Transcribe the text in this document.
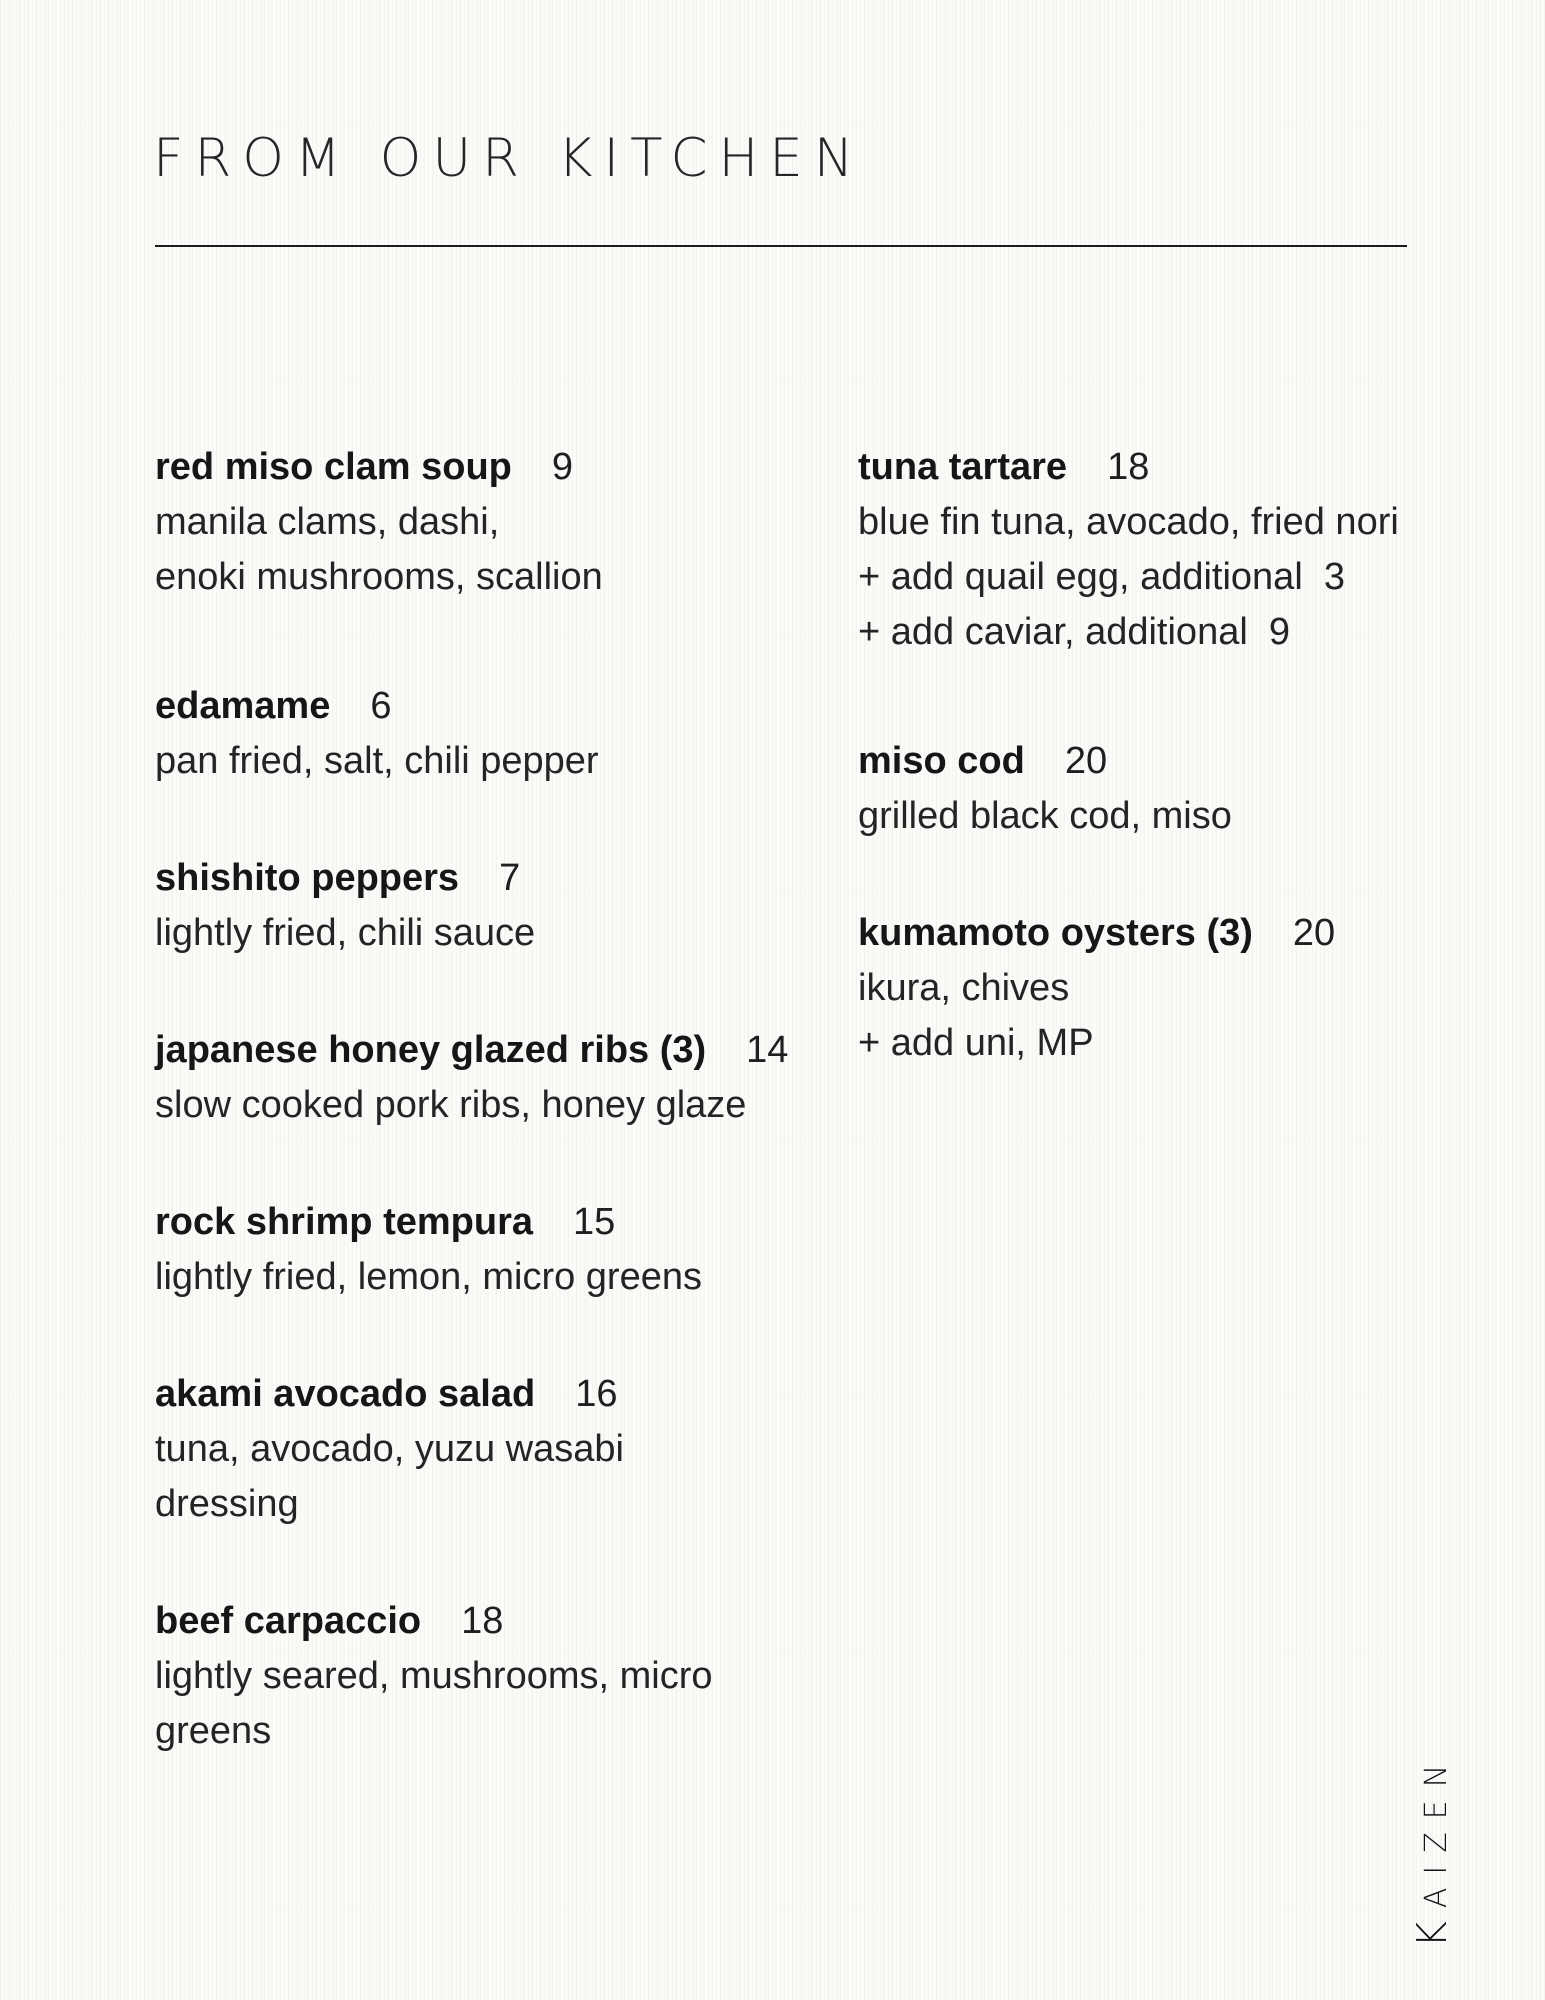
FROM OUR KITCHEN
red miso clam soup 9
manila clams, dashi,
enoki mushrooms, scallion
edamame 6
pan fried, salt, chili pepper
shishito peppers 7
lightly fried, chili sauce
japanese honey glazed ribs (3) 14
slow cooked pork ribs, honey glaze
rock shrimp tempura 15
lightly fried, lemon, micro greens
akami avocado salad 16
tuna, avocado, yuzu wasabi dressing
beef carpaccio 18
lightly seared, mushrooms, micro greens
tuna tartare 18
blue fin tuna, avocado, fried nori
+ add quail egg, additional  3
+ add caviar, additional  9
miso cod 20
grilled black cod, miso
kumamoto oysters (3) 20
ikura, chives
+ add uni, MP
KAIZEN
